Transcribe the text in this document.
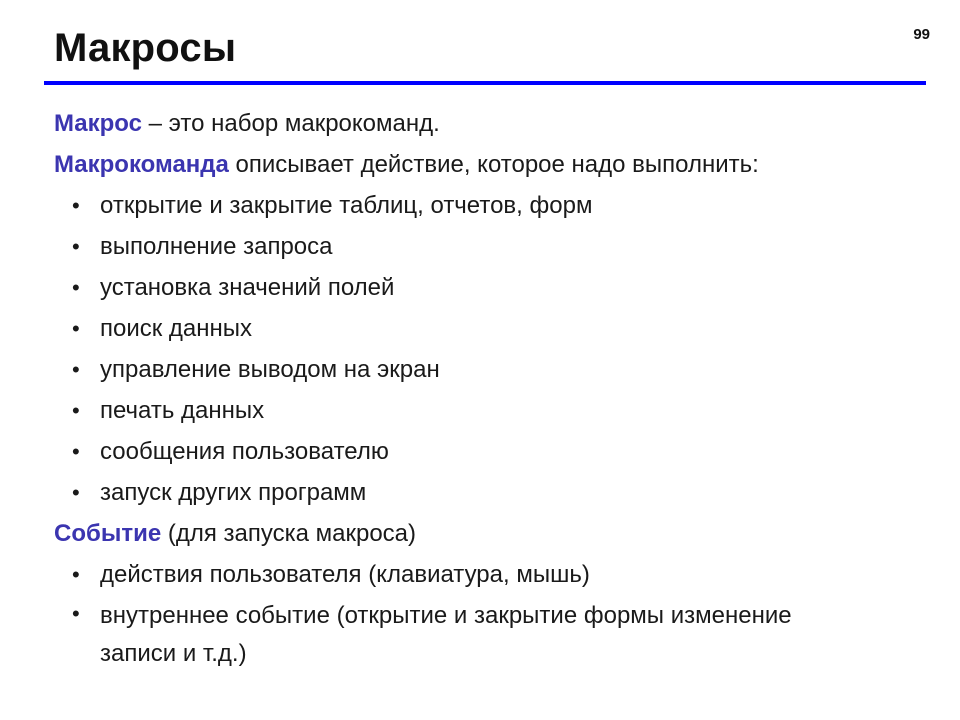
Макросы	99
Макрос – это набор макрокоманд.
Макрокоманда описывает действие, которое надо выполнить:
• открытие и закрытие таблиц, отчетов, форм
• выполнение запроса
• установка значений полей
• поиск данных
• управление выводом на экран
• печать данных
• сообщения пользователю
• запуск других программ
Событие (для запуска макроса)
• действия пользователя (клавиатура, мышь)
• внутреннее событие (открытие и закрытие формы изменение записи и т.д.)
